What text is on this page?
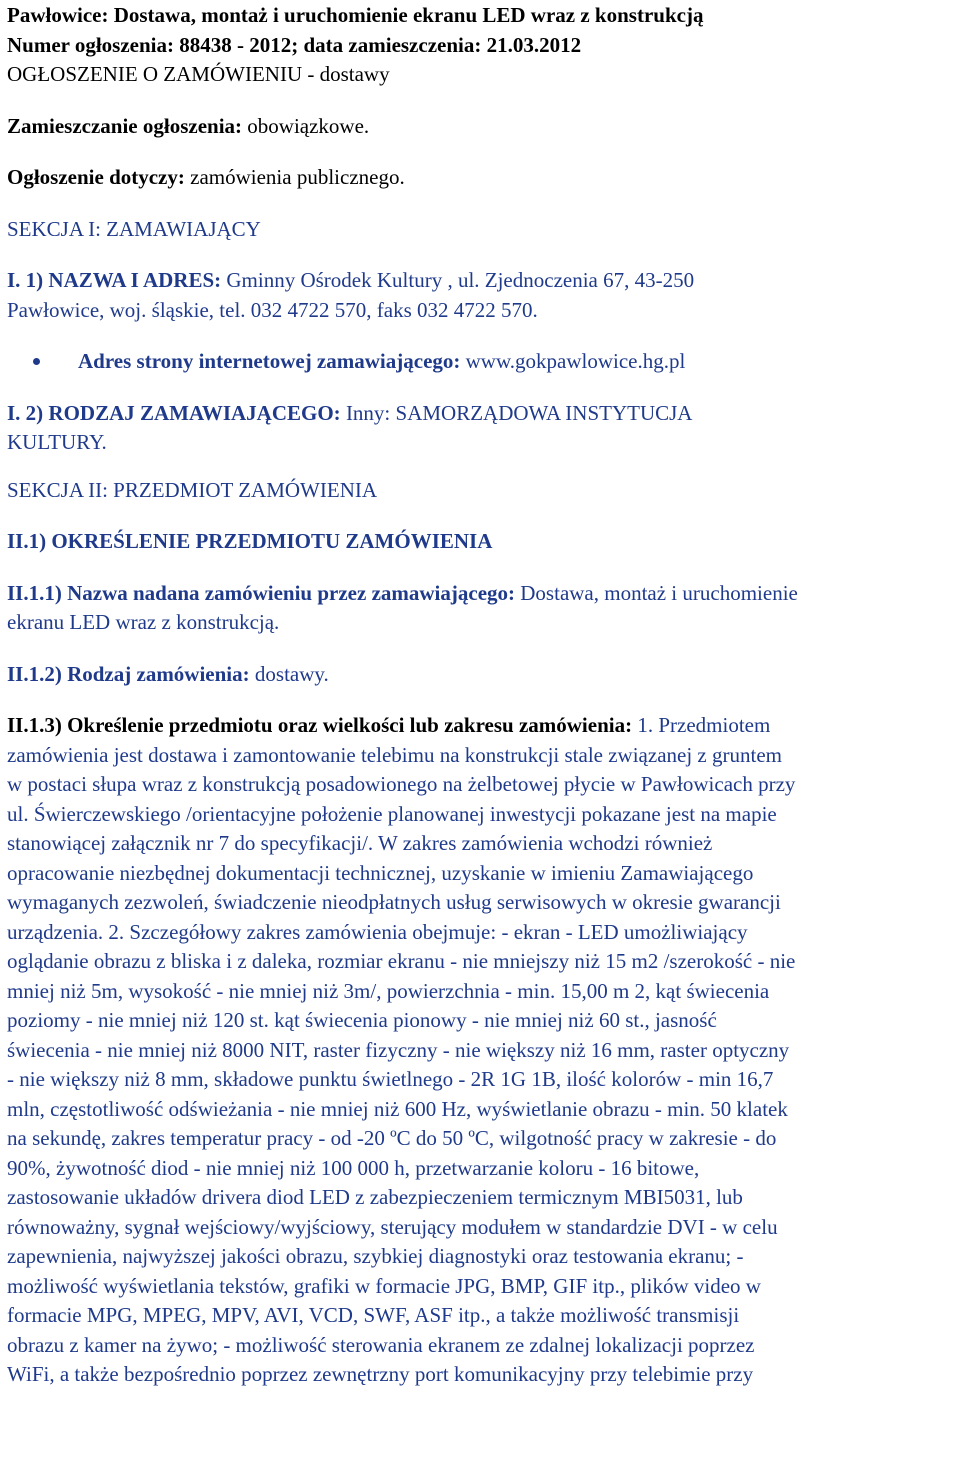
Pawłowice: Dostawa, montaż i uruchomienie ekranu LED wraz z konstrukcją
Numer ogłoszenia: 88438 - 2012; data zamieszczenia: 21.03.2012
OGŁOSZENIE O ZAMÓWIENIU - dostawy
Zamieszczanie ogłoszenia: obowiązkowe.
Ogłoszenie dotyczy: zamówienia publicznego.
SEKCJA I: ZAMAWIAJĄCY
I. 1) NAZWA I ADRES: Gminny Ośrodek Kultury , ul. Zjednoczenia 67, 43-250
Pawłowice, woj. śląskie, tel. 032 4722 570, faks 032 4722 570.
Adres strony internetowej zamawiającego: www.gokpawlowice.hg.pl
I. 2) RODZAJ ZAMAWIAJĄCEGO: Inny: SAMORZĄDOWA INSTYTUCJA
KULTURY.
SEKCJA II: PRZEDMIOT ZAMÓWIENIA
II.1) OKREŚLENIE PRZEDMIOTU ZAMÓWIENIA
II.1.1) Nazwa nadana zamówieniu przez zamawiającego: Dostawa, montaż i uruchomienie
ekranu LED wraz z konstrukcją.
II.1.2) Rodzaj zamówienia: dostawy.
II.1.3) Określenie przedmiotu oraz wielkości lub zakresu zamówienia: 1. Przedmiotem
zamówienia jest dostawa i zamontowanie telebimu na konstrukcji stale związanej z gruntem
w postaci słupa wraz z konstrukcją posadowionego na żelbetowej płycie w Pawłowicach przy
ul. Świerczewskiego /orientacyjne położenie planowanej inwestycji pokazane jest na mapie
stanowiącej załącznik nr 7 do specyfikacji/. W zakres zamówienia wchodzi również
opracowanie niezbędnej dokumentacji technicznej, uzyskanie w imieniu Zamawiającego
wymaganych zezwoleń, świadczenie nieodpłatnych usług serwisowych w okresie gwarancji
urządzenia. 2. Szczegółowy zakres zamówienia obejmuje: - ekran - LED umożliwiający
oglądanie obrazu z bliska i z daleka, rozmiar ekranu - nie mniejszy niż 15 m2 /szerokość - nie
mniej niż 5m, wysokość - nie mniej niż 3m/, powierzchnia - min. 15,00 m 2, kąt świecenia
poziomy - nie mniej niż 120 st. kąt świecenia pionowy - nie mniej niż 60 st., jasność
świecenia - nie mniej niż 8000 NIT, raster fizyczny - nie większy niż 16 mm, raster optyczny
- nie większy niż 8 mm, składowe punktu świetlnego - 2R 1G 1B, ilość kolorów - min 16,7
mln, częstotliwość odświeżania - nie mniej niż 600 Hz, wyświetlanie obrazu - min. 50 klatek
na sekundę, zakres temperatur pracy - od -20 ºC do 50 ºC, wilgotność pracy w zakresie - do
90%, żywotność diod - nie mniej niż 100 000 h, przetwarzanie koloru - 16 bitowe,
zastosowanie układów drivera diod LED z zabezpieczeniem termicznym MBI5031, lub
równoważny, sygnał wejściowy/wyjściowy, sterujący modułem w standardzie DVI - w celu
zapewnienia, najwyższej jakości obrazu, szybkiej diagnostyki oraz testowania ekranu; -
możliwość wyświetlania tekstów, grafiki w formacie JPG, BMP, GIF itp., plików video w
formacie MPG, MPEG, MPV, AVI, VCD, SWF, ASF itp., a także możliwość transmisji
obrazu z kamer na żywo; - możliwość sterowania ekranem ze zdalnej lokalizacji poprzez
WiFi, a także bezpośrednio poprzez zewnętrzny port komunikacyjny przy telebimie przy
